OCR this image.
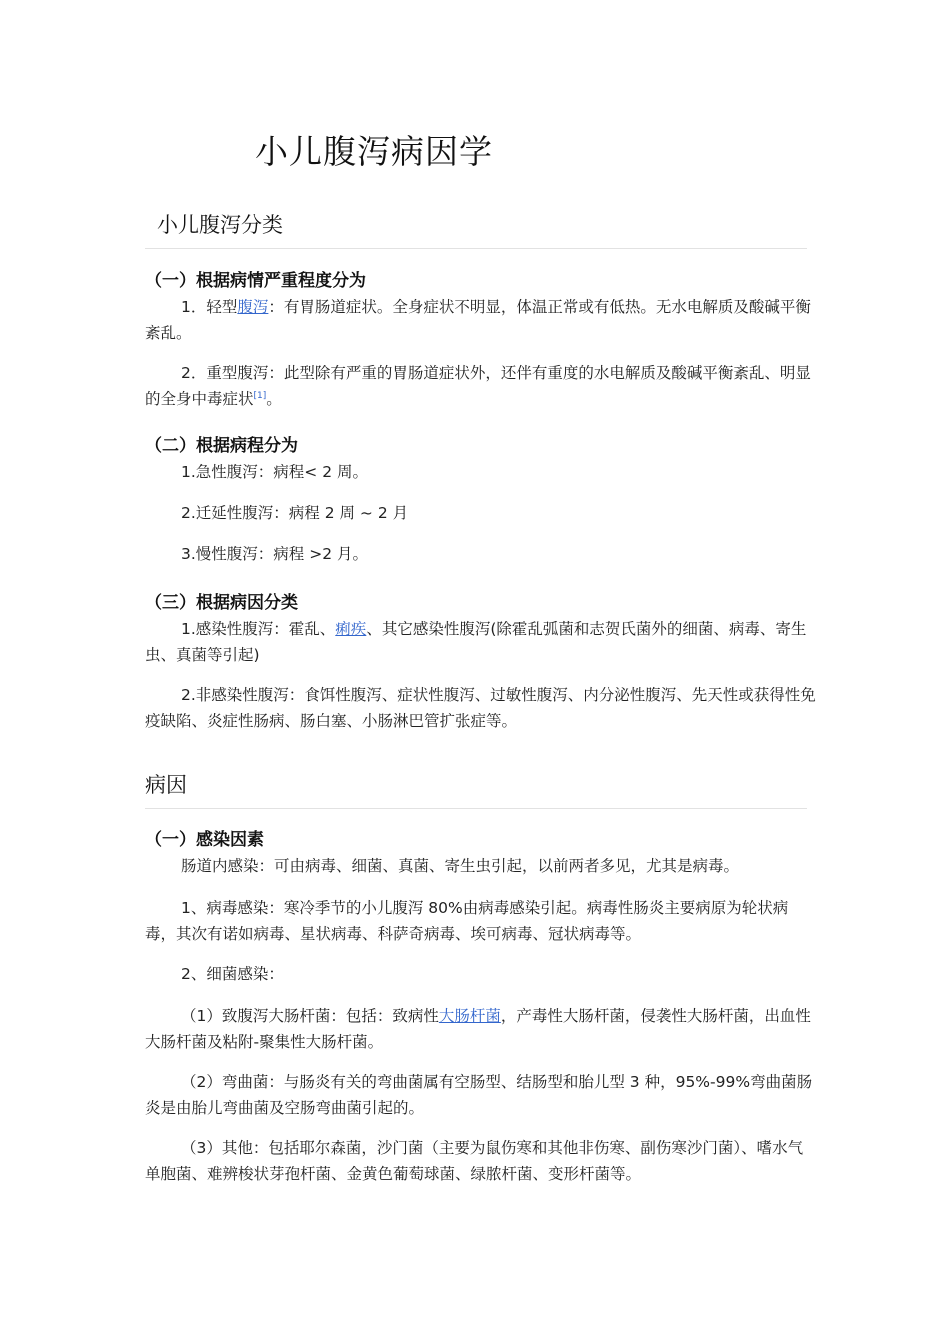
小儿腹泻病因学
小儿腹泻分类
（一）根据病情严重程度分为

1．轻型腹泻：有胃肠道症状。全身症状不明显，体温正常或有低热。无水电解质及酸碱平衡紊乱。

2．重型腹泻：此型除有严重的胃肠道症状外，还伴有重度的水电解质及酸碱平衡紊乱、明显的全身中毒症状[1]。

（二）根据病程分为

1.急性腹泻：病程< 2 周。

2.迁延性腹泻：病程 2 周 ~ 2 月

3.慢性腹泻：病程 >2 月。

（三）根据病因分类

1.感染性腹泻：霍乱、痢疾、其它感染性腹泻(除霍乱弧菌和志贺氏菌外的细菌、病毒、寄生虫、真菌等引起)

2.非感染性腹泻：食饵性腹泻、症状性腹泻、过敏性腹泻、内分泌性腹泻、先天性或获得性免疫缺陷、炎症性肠病、肠白塞、小肠淋巴管扩张症等。

病因
（一）感染因素

肠道内感染：可由病毒、细菌、真菌、寄生虫引起，以前两者多见，尤其是病毒。

1、病毒感染：寒冷季节的小儿腹泻 80%由病毒感染引起。病毒性肠炎主要病原为轮状病毒，其次有诺如病毒、星状病毒、科萨奇病毒、埃可病毒、冠状病毒等。

2、细菌感染：

（1）致腹泻大肠杆菌：包括：致病性大肠杆菌，产毒性大肠杆菌，侵袭性大肠杆菌，出血性大肠杆菌及粘附-聚集性大肠杆菌。

（2）弯曲菌：与肠炎有关的弯曲菌属有空肠型、结肠型和胎儿型 3 种，95%-99%弯曲菌肠炎是由胎儿弯曲菌及空肠弯曲菌引起的。

（3）其他：包括耶尔森菌，沙门菌（主要为鼠伤寒和其他非伤寒、副伤寒沙门菌）、嗜水气单胞菌、难辨梭状芽孢杆菌、金黄色葡萄球菌、绿脓杆菌、变形杆菌等。
